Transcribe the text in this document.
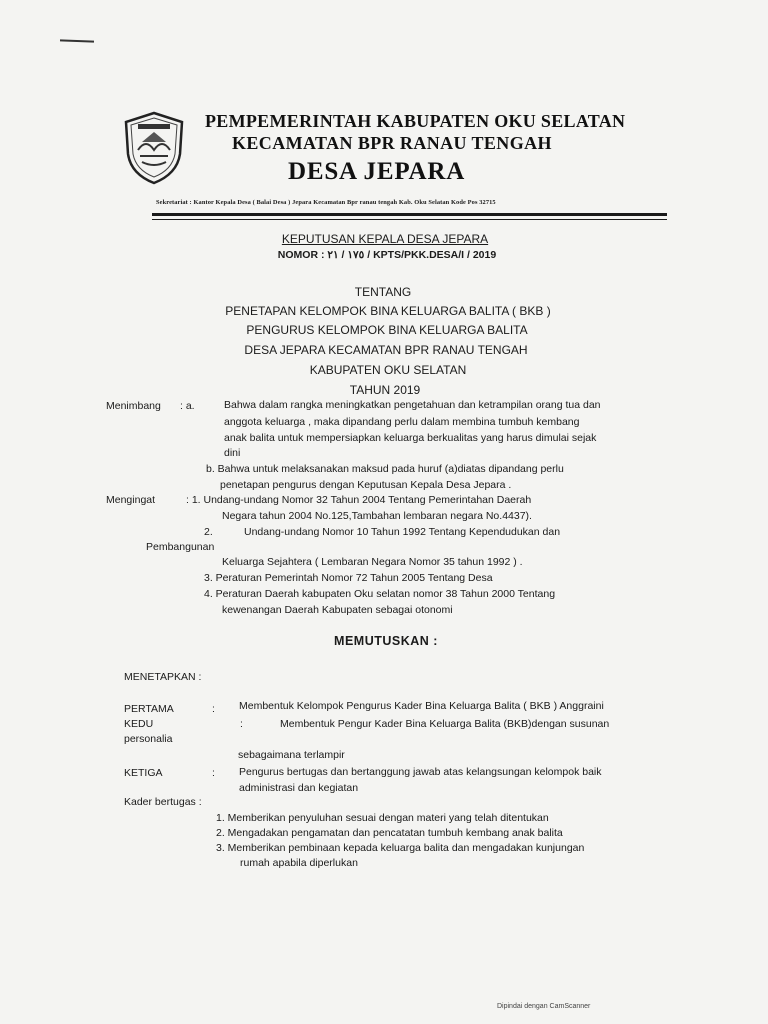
PEMPEMERINTAH KABUPATEN OKU SELATAN
KECAMATAN BPR RANAU TENGAH
DESA JEPARA
Sekretariat : Kantor Kepala Desa ( Balai Desa ) Jepara Kecamatan Bpr ranau tengah Kab. Oku Selatan Kode Pos 32715
KEPUTUSAN KEPALA DESA JEPARA
NOMOR : ١٧٥ / ٢١ / KPTS/PKK.DESA/I / 2019
TENTANG
PENETAPAN KELOMPOK BINA KELUARGA BALITA ( BKB )
PENGURUS KELOMPOK BINA KELUARGA BALITA
DESA JEPARA KECAMATAN BPR RANAU TENGAH
KABUPATEN OKU SELATAN
TAHUN 2019
Menimbang : a.	Bahwa dalam rangka meningkatkan pengetahuan dan ketrampilan orang tua dan
anggota keluarga , maka dipandang perlu dalam membina tumbuh kembang
anak balita untuk mempersiapkan keluarga berkualitas yang harus dimulai sejak
dini
b. Bahwa untuk melaksanakan maksud pada huruf (a)diatas dipandang perlu
penetapan pengurus dengan Keputusan Kepala Desa Jepara .
Mengingat	: 1. Undang-undang Nomor 32 Tahun 2004 Tentang Pemerintahan Daerah
Negara tahun 2004 No.125,Tambahan lembaran negara No.4437).
2.	Undang-undang Nomor 10 Tahun 1992 Tentang Kependudukan dan
Pembangunan
Keluarga Sejahtera ( Lembaran Negara Nomor 35 tahun 1992 ) .
3. Peraturan Pemerintah Nomor 72 Tahun 2005 Tentang Desa
4. Peraturan Daerah kabupaten Oku selatan nomor 38 Tahun 2000 Tentang
kewenangan Daerah Kabupaten sebagai otonomi
MEMUTUSKAN :
MENETAPKAN :
PERTAMA	: Membentuk Kelompok Pengurus Kader Bina Keluarga Balita ( BKB ) Anggraini
KEDU	:	Membentuk Pengur Kader Bina Keluarga Balita (BKB)dengan susunan
personalia
sebagaimana terlampir
KETIGA	: Pengurus bertugas dan bertanggung jawab atas kelangsungan kelompok baik
administrasi dan kegiatan
Kader bertugas :
1. Memberikan penyuluhan sesuai dengan materi yang telah ditentukan
2. Mengadakan pengamatan dan pencatatan tumbuh kembang anak balita
3. Memberikan pembinaan kepada keluarga balita dan mengadakan kunjungan
rumah apabila diperlukan
Dipindai dengan CamScanner
